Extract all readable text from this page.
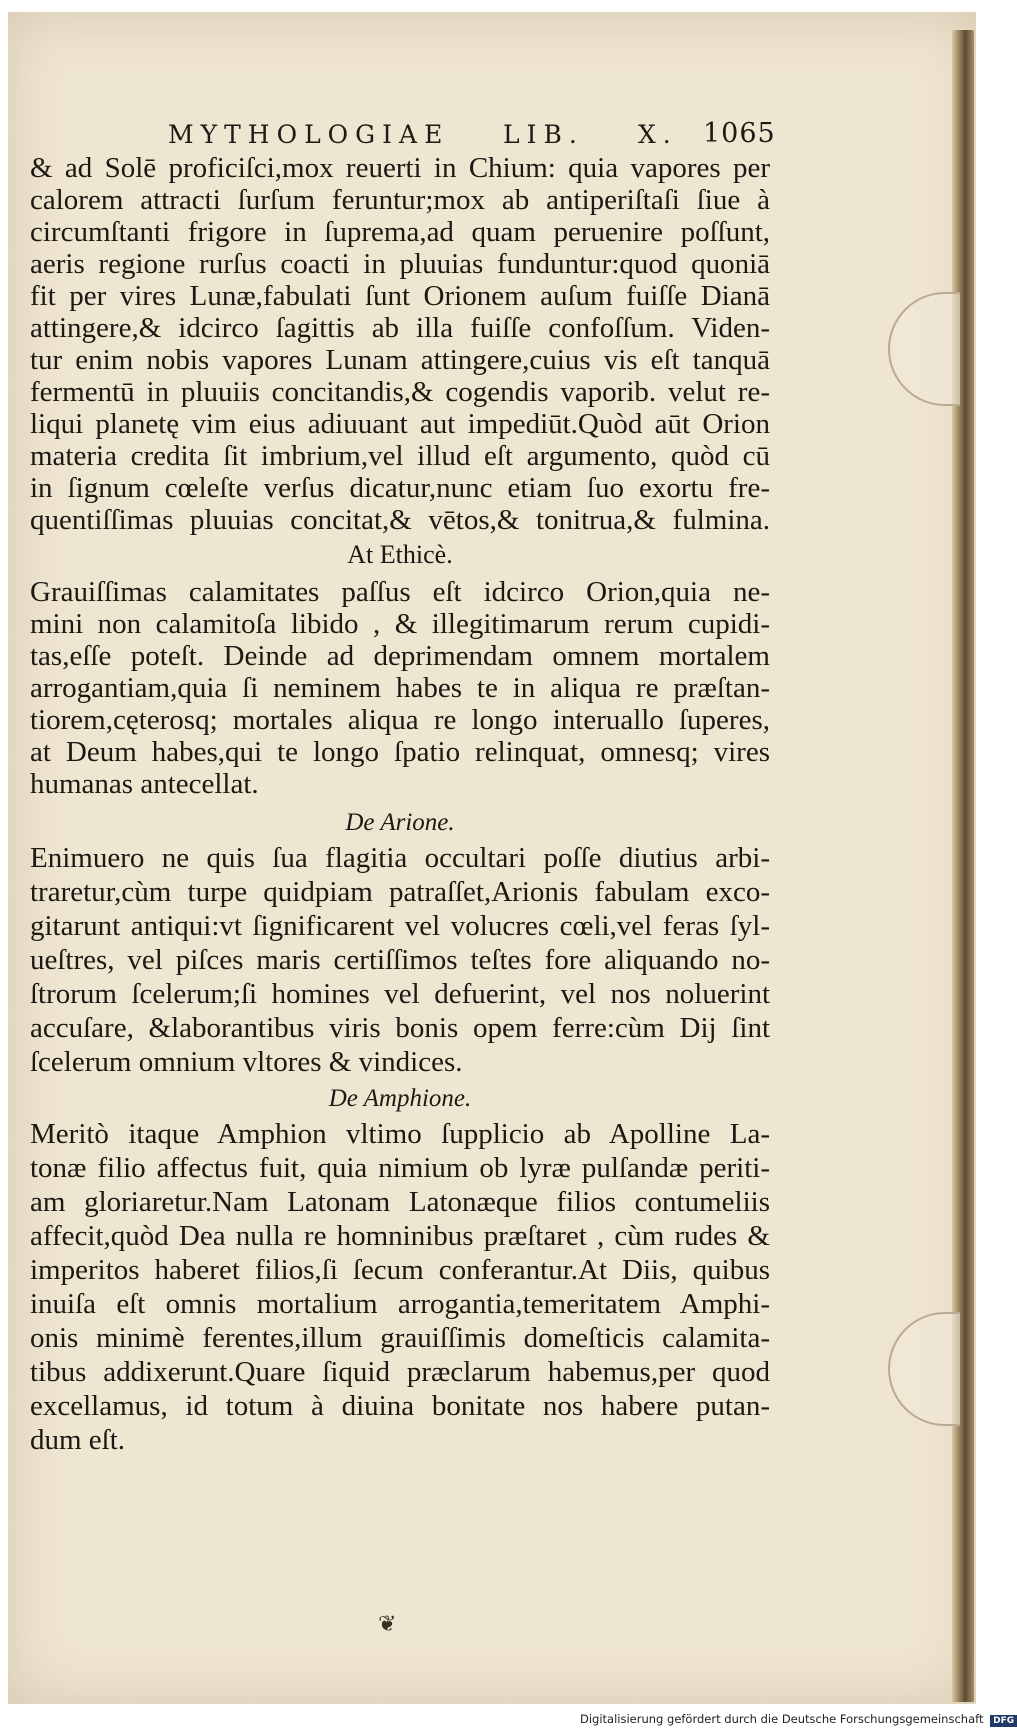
MYTHOLOGIAE LIB. X. 1065
& ad Solē proficiſci,mox reuerti in Chium: quia vapores per
calorem attracti ſurſum feruntur;mox ab antiperiſtaſi ſiue à
circumſtanti frigore in ſuprema,ad quam peruenire poſſunt,
aeris regione rurſus coacti in pluuias funduntur:quod quoniā
fit per vires Lunæ,fabulati ſunt Orionem auſum fuiſſe Dianā
attingere,& idcirco ſagittis ab illa fuiſſe confoſſum. Viden-
tur enim nobis vapores Lunam attingere,cuius vis eſt tanquā
fermentū in pluuiis concitandis,& cogendis vaporib. velut re-
liqui planetę vim eius adiuuant aut impediūt.Quòd aūt Orion
materia credita ſit imbrium,vel illud eſt argumento, quòd cū
in ſignum cœleſte verſus dicatur,nunc etiam ſuo exortu fre-
quentiſſimas pluuias concitat,& vētos,& tonitrua,& fulmina.
At Ethicè.
Grauiſſimas calamitates paſſus eſt idcirco Orion,quia ne-
mini non calamitoſa libido , & illegitimarum rerum cupidi-
tas,eſſe poteſt. Deinde ad deprimendam omnem mortalem
arrogantiam,quia ſi neminem habes te in aliqua re præſtan-
tiorem,cęterosq; mortales aliqua re longo interuallo ſuperes,
at Deum habes,qui te longo ſpatio relinquat, omnesq; vires
humanas antecellat.
De Arione.
Enimuero ne quis ſua flagitia occultari poſſe diutius arbi-
traretur,cùm turpe quidpiam patraſſet,Arionis fabulam exco-
gitarunt antiqui:vt ſignificarent vel volucres cœli,vel feras ſyl-
ueſtres, vel piſces maris certiſſimos teſtes fore aliquando no-
ſtrorum ſcelerum;ſi homines vel defuerint, vel nos noluerint
accuſare, &laborantibus viris bonis opem ferre:cùm Dij ſint
ſcelerum omnium vltores & vindices.
De Amphione.
Meritò itaque Amphion vltimo ſupplicio ab Apolline La-
tonæ filio affectus fuit, quia nimium ob lyræ pulſandæ periti-
am gloriaretur.Nam Latonam Latonæque filios contumeliis
affecit,quòd Dea nulla re homninibus præſtaret , cùm rudes &
imperitos haberet filios,ſi ſecum conferantur.At Diis, quibus
inuiſa eſt omnis mortalium arrogantia,temeritatem Amphi-
onis minimè ferentes,illum grauiſſimis domeſticis calamita-
tibus addixerunt.Quare ſiquid præclarum habemus,per quod
excellamus, id totum à diuina bonitate nos habere putan-
dum eſt.
❦
Digitalisierung gefördert durch die Deutsche Forschungsgemeinschaft DFG
